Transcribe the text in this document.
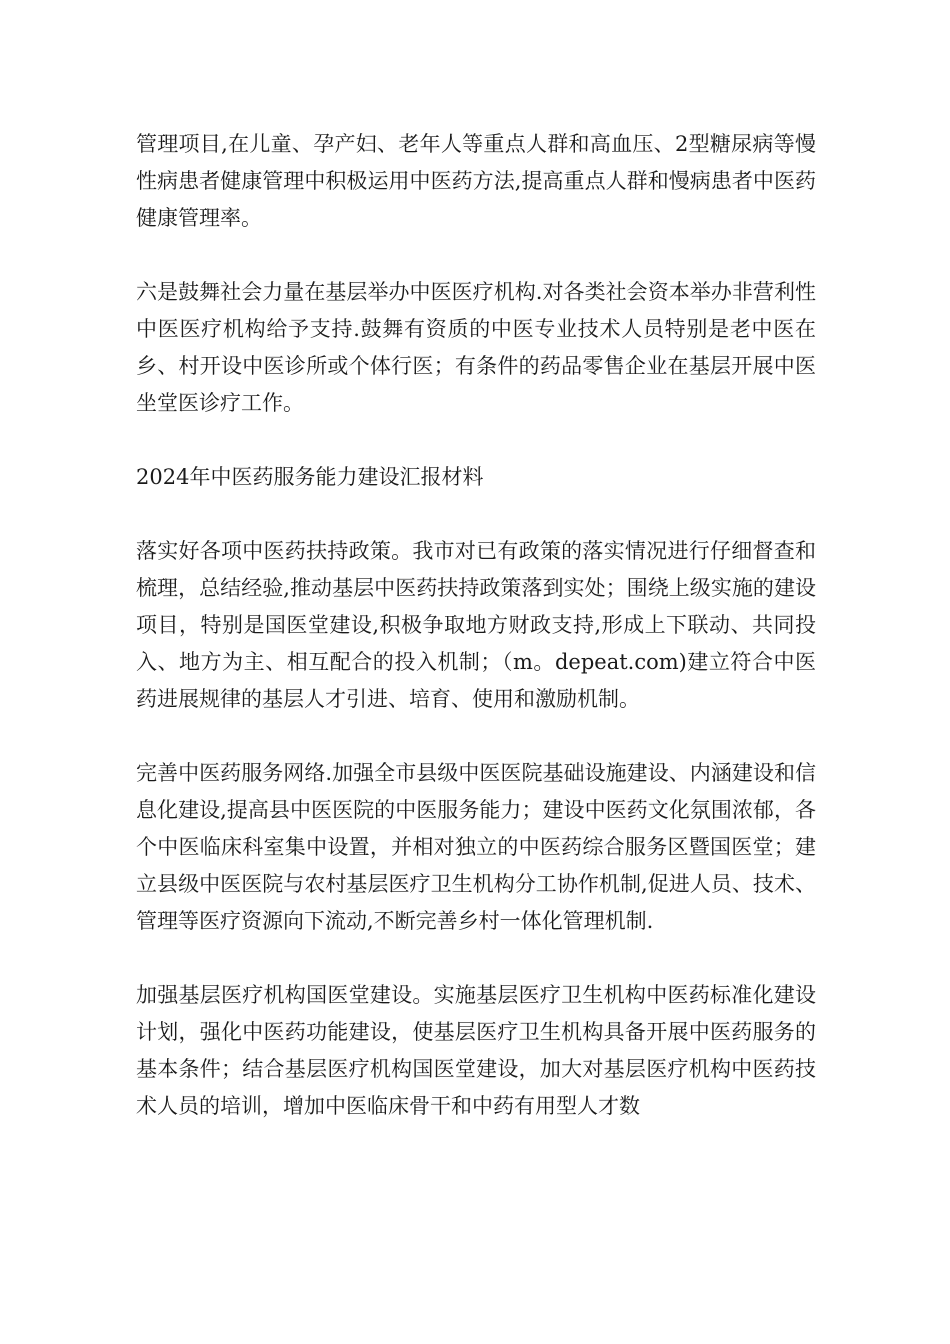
管理项目,在儿童、孕产妇、老年人等重点人群和高血压、2型糖尿病等慢性病患者健康管理中积极运用中医药方法,提高重点人群和慢病患者中医药健康管理率。

六是鼓舞社会力量在基层举办中医医疗机构.对各类社会资本举办非营利性中医医疗机构给予支持.鼓舞有资质的中医专业技术人员特别是老中医在乡、村开设中医诊所或个体行医；有条件的药品零售企业在基层开展中医坐堂医诊疗工作。

2024年中医药服务能力建设汇报材料

落实好各项中医药扶持政策。我市对已有政策的落实情况进行仔细督查和梳理，总结经验,推动基层中医药扶持政策落到实处；围绕上级实施的建设项目，特别是国医堂建设,积极争取地方财政支持,形成上下联动、共同投入、地方为主、相互配合的投入机制；（m。depeat.com)建立符合中医药进展规律的基层人才引进、培育、使用和激励机制。

完善中医药服务网络.加强全市县级中医医院基础设施建设、内涵建设和信息化建设,提高县中医医院的中医服务能力；建设中医药文化氛围浓郁，各个中医临床科室集中设置，并相对独立的中医药综合服务区暨国医堂；建立县级中医医院与农村基层医疗卫生机构分工协作机制,促进人员、技术、管理等医疗资源向下流动,不断完善乡村一体化管理机制.

加强基层医疗机构国医堂建设。实施基层医疗卫生机构中医药标准化建设计划，强化中医药功能建设，使基层医疗卫生机构具备开展中医药服务的基本条件；结合基层医疗机构国医堂建设，加大对基层医疗机构中医药技术人员的培训，增加中医临床骨干和中药有用型人才数
